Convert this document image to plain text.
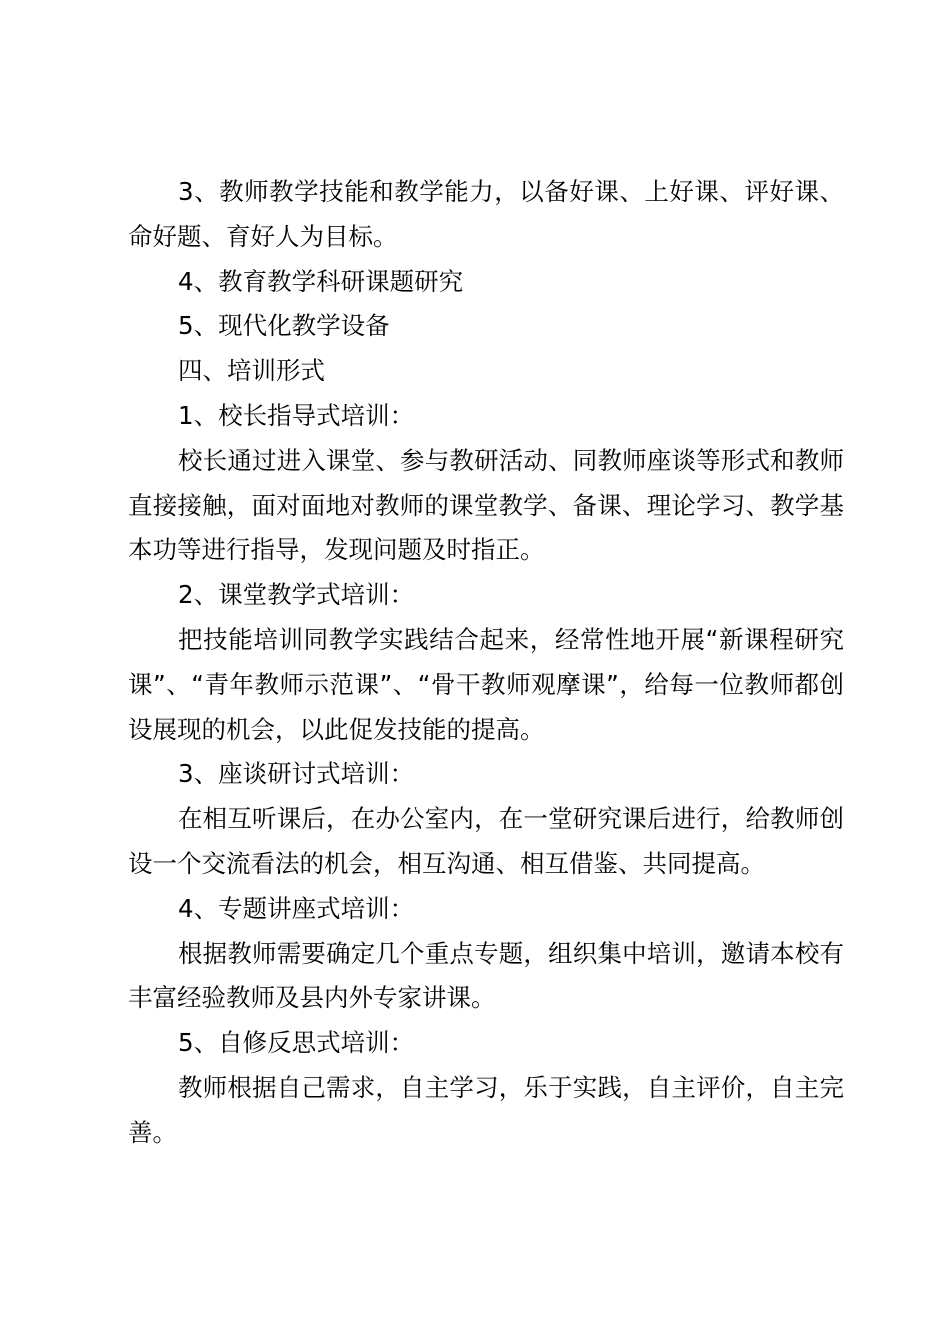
3、教师教学技能和教学能力，以备好课、上好课、评好课、命好题、育好人为目标。

4、教育教学科研课题研究

5、现代化教学设备

四、培训形式

1、校长指导式培训：

校长通过进入课堂、参与教研活动、同教师座谈等形式和教师直接接触，面对面地对教师的课堂教学、备课、理论学习、教学基本功等进行指导，发现问题及时指正。

2、课堂教学式培训：

把技能培训同教学实践结合起来，经常性地开展“新课程研究课”、“青年教师示范课”、“骨干教师观摩课”，给每一位教师都创设展现的机会，以此促发技能的提高。

3、座谈研讨式培训：

在相互听课后，在办公室内，在一堂研究课后进行，给教师创设一个交流看法的机会，相互沟通、相互借鉴、共同提高。

4、专题讲座式培训：

根据教师需要确定几个重点专题，组织集中培训，邀请本校有丰富经验教师及县内外专家讲课。

5、自修反思式培训：

教师根据自己需求，自主学习，乐于实践，自主评价，自主完善。
